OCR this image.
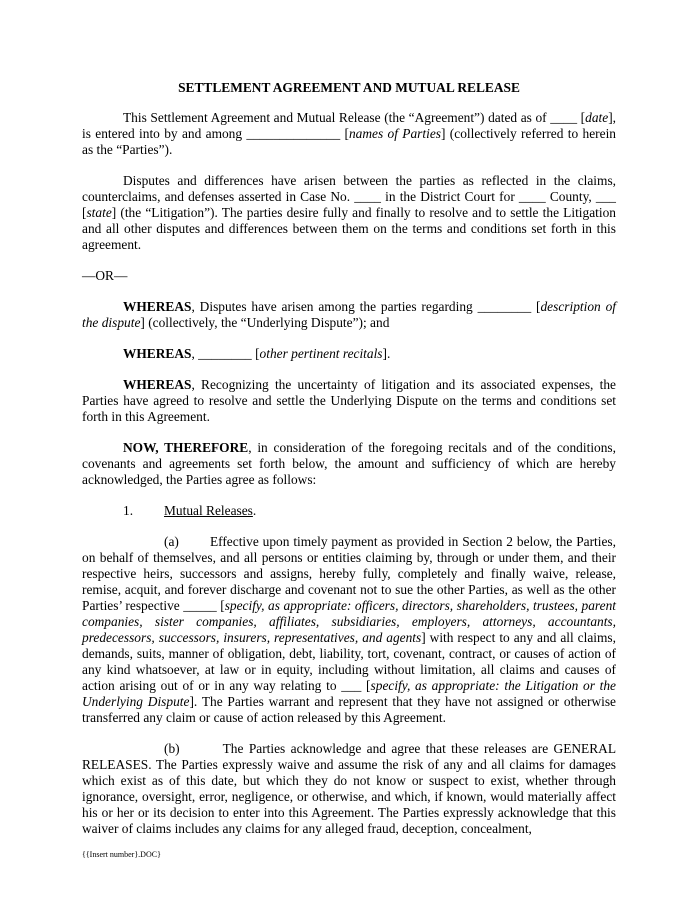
SETTLEMENT AGREEMENT AND MUTUAL RELEASE

This Settlement Agreement and Mutual Release (the “Agreement”) dated as of ____ [date], is entered into by and among ______________ [names of Parties] (collectively referred to herein as the “Parties”).

Disputes and differences have arisen between the parties as reflected in the claims, counterclaims, and defenses asserted in Case No. ____ in the District Court for ____ County, ___ [state] (the “Litigation”). The parties desire fully and finally to resolve and to settle the Litigation and all other disputes and differences between them on the terms and conditions set forth in this agreement.

—OR—

WHEREAS, Disputes have arisen among the parties regarding ________ [description of the dispute] (collectively, the “Underlying Dispute”); and

WHEREAS, ________ [other pertinent recitals].

WHEREAS, Recognizing the uncertainty of litigation and its associated expenses, the Parties have agreed to resolve and settle the Underlying Dispute on the terms and conditions set forth in this Agreement.

NOW, THEREFORE, in consideration of the foregoing recitals and of the conditions, covenants and agreements set forth below, the amount and sufficiency of which are hereby acknowledged, the Parties agree as follows:

1. Mutual Releases.

(a) Effective upon timely payment as provided in Section 2 below, the Parties, on behalf of themselves, and all persons or entities claiming by, through or under them, and their respective heirs, successors and assigns, hereby fully, completely and finally waive, release, remise, acquit, and forever discharge and covenant not to sue the other Parties, as well as the other Parties’ respective _____ [specify, as appropriate: officers, directors, shareholders, trustees, parent companies, sister companies, affiliates, subsidiaries, employers, attorneys, accountants, predecessors, successors, insurers, representatives, and agents] with respect to any and all claims, demands, suits, manner of obligation, debt, liability, tort, covenant, contract, or causes of action of any kind whatsoever, at law or in equity, including without limitation, all claims and causes of action arising out of or in any way relating to ___ [specify, as appropriate: the Litigation or the Underlying Dispute]. The Parties warrant and represent that they have not assigned or otherwise transferred any claim or cause of action released by this Agreement.

(b)	The Parties acknowledge and agree that these releases are GENERAL RELEASES. The Parties expressly waive and assume the risk of any and all claims for damages which exist as of this date, but which they do not know or suspect to exist, whether through ignorance, oversight, error, negligence, or otherwise, and which, if known, would materially affect his or her or its decision to enter into this Agreement. The Parties expressly acknowledge that this waiver of claims includes any claims for any alleged fraud, deception, concealment,

{{Insert number}.DOC}
